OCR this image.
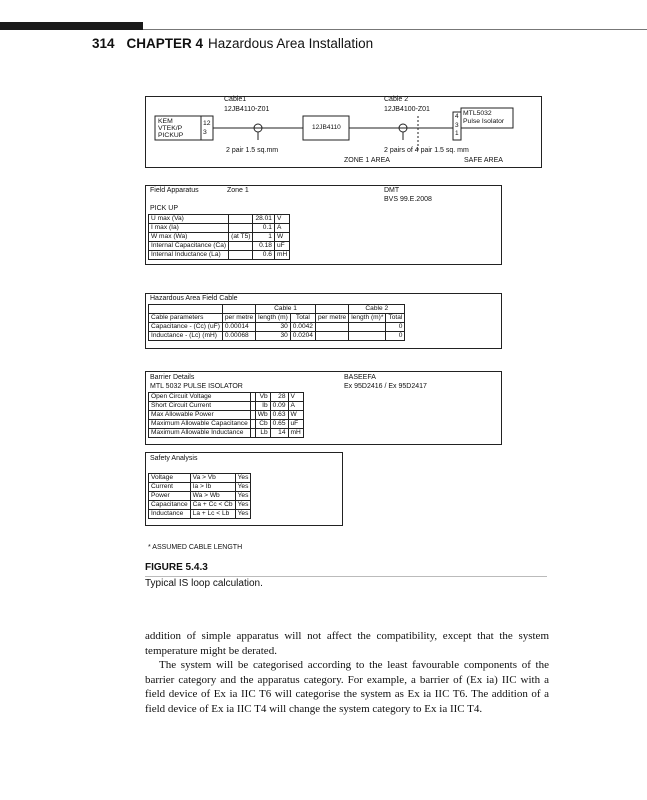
314 CHAPTER 4 Hazardous Area Installation
KEM
VTEK/P
PICKUP
12
3
Cable1
12JB4110-Z01
12JB4110
Cable 2
12JB4100-Z01
2 pair 1.5 sq.mm	2 pairs of 4 pair 1.5 sq. mm
ZONE 1 AREA	SAFE AREA
4
3
1
MTL5032
Pulse Isolator
Field Apparatus	Zone 1	DMT
BVS 99.E.2008
PICK UP
U max (Va)		28.01	V
I max (Ia)		0.1	A
W max (Wa)	(at T5)	1	W
Internal Capacitance (Ca)		0.18	uF
Internal Inductance (La)		0.6	mH
Hazardous Area Field Cable
		Cable 1			Cable 2	
Cable parameters	per metre	length (m)	Total	per metre	length (m)*	Total
Capacitance - (Cc) (uF)	0.00014	30	0.0042			0
Inductance - (Lc) (mH)	0.00068	30	0.0204			0
Barrier Details
MTL 5032 PULSE ISOLATOR
BASEEFA
Ex 95D2416 / Ex 95D2417
Open Circuit Voltage		Vb	28	V
Short Circuit Current		Ib	0.09	A
Max Allowable Power		Wb	0.63	W
Maximum Allowable Capacitance		Cb	0.65	uF
Maximum Allowable Inductance		Lb	14	mH
Safety Analysis
Voltage	Va > Vb	Yes
Current	Ia > Ib	Yes
Power	Wa > Wb	Yes
Capacitance	Ca + Cc < Cb	Yes
Inductance	La + Lc < Lb	Yes
* ASSUMED CABLE LENGTH
FIGURE 5.4.3
Typical IS loop calculation.

addition of simple apparatus will not affect the compatibility, except that the system temperature might be derated.

The system will be categorised according to the least favourable components of the barrier category and the apparatus category. For example, a barrier of (Ex ia) IIC with a field device of Ex ia IIC T6 will categorise the system as Ex ia IIC T6. The addition of a field device of Ex ia IIC T4 will change the system category to Ex ia IIC T4.
